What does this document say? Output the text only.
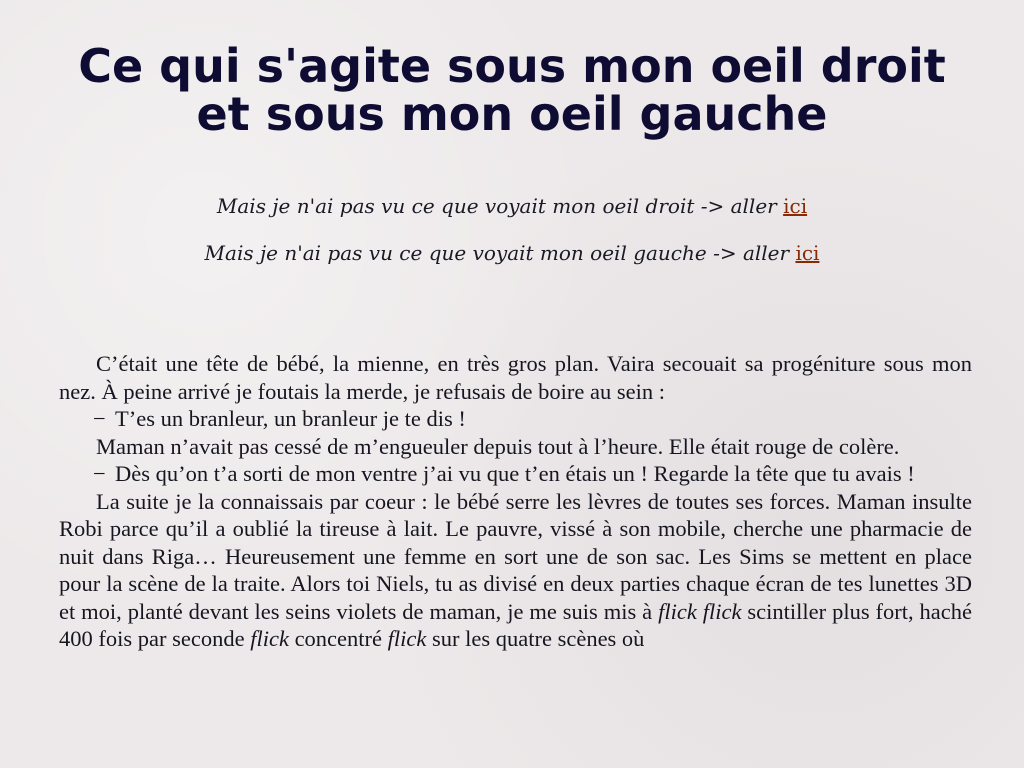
Ce qui s'agite sous mon oeil droit
et sous mon oeil gauche
Mais je n'ai pas vu ce que voyait mon oeil droit -> aller ici
Mais je n'ai pas vu ce que voyait mon oeil gauche -> aller ici

C’était une tête de bébé, la mienne, en très gros plan. Vaira secouait sa progéniture sous mon nez. À peine arrivé je foutais la merde, je refusais de boire au sein :

− T’es un branleur, un branleur je te dis !

Maman n’avait pas cessé de m’engueuler depuis tout à l’heure. Elle était rouge de colère.

− Dès qu’on t’a sorti de mon ventre j’ai vu que t’en étais un ! Regarde la tête que tu avais !

La suite je la connaissais par coeur : le bébé serre les lèvres de toutes ses forces. Maman insulte Robi parce qu’il a oublié la tireuse à lait. Le pauvre, vissé à son mobile, cherche une pharmacie de nuit dans Riga… Heureusement une femme en sort une de son sac. Les Sims se mettent en place pour la scène de la traite. Alors toi Niels, tu as divisé en deux parties chaque écran de tes lunettes 3D et moi, planté devant les seins violets de maman, je me suis mis à flick flick scintiller plus fort, haché 400 fois par seconde flick concentré flick sur les quatre scènes où
